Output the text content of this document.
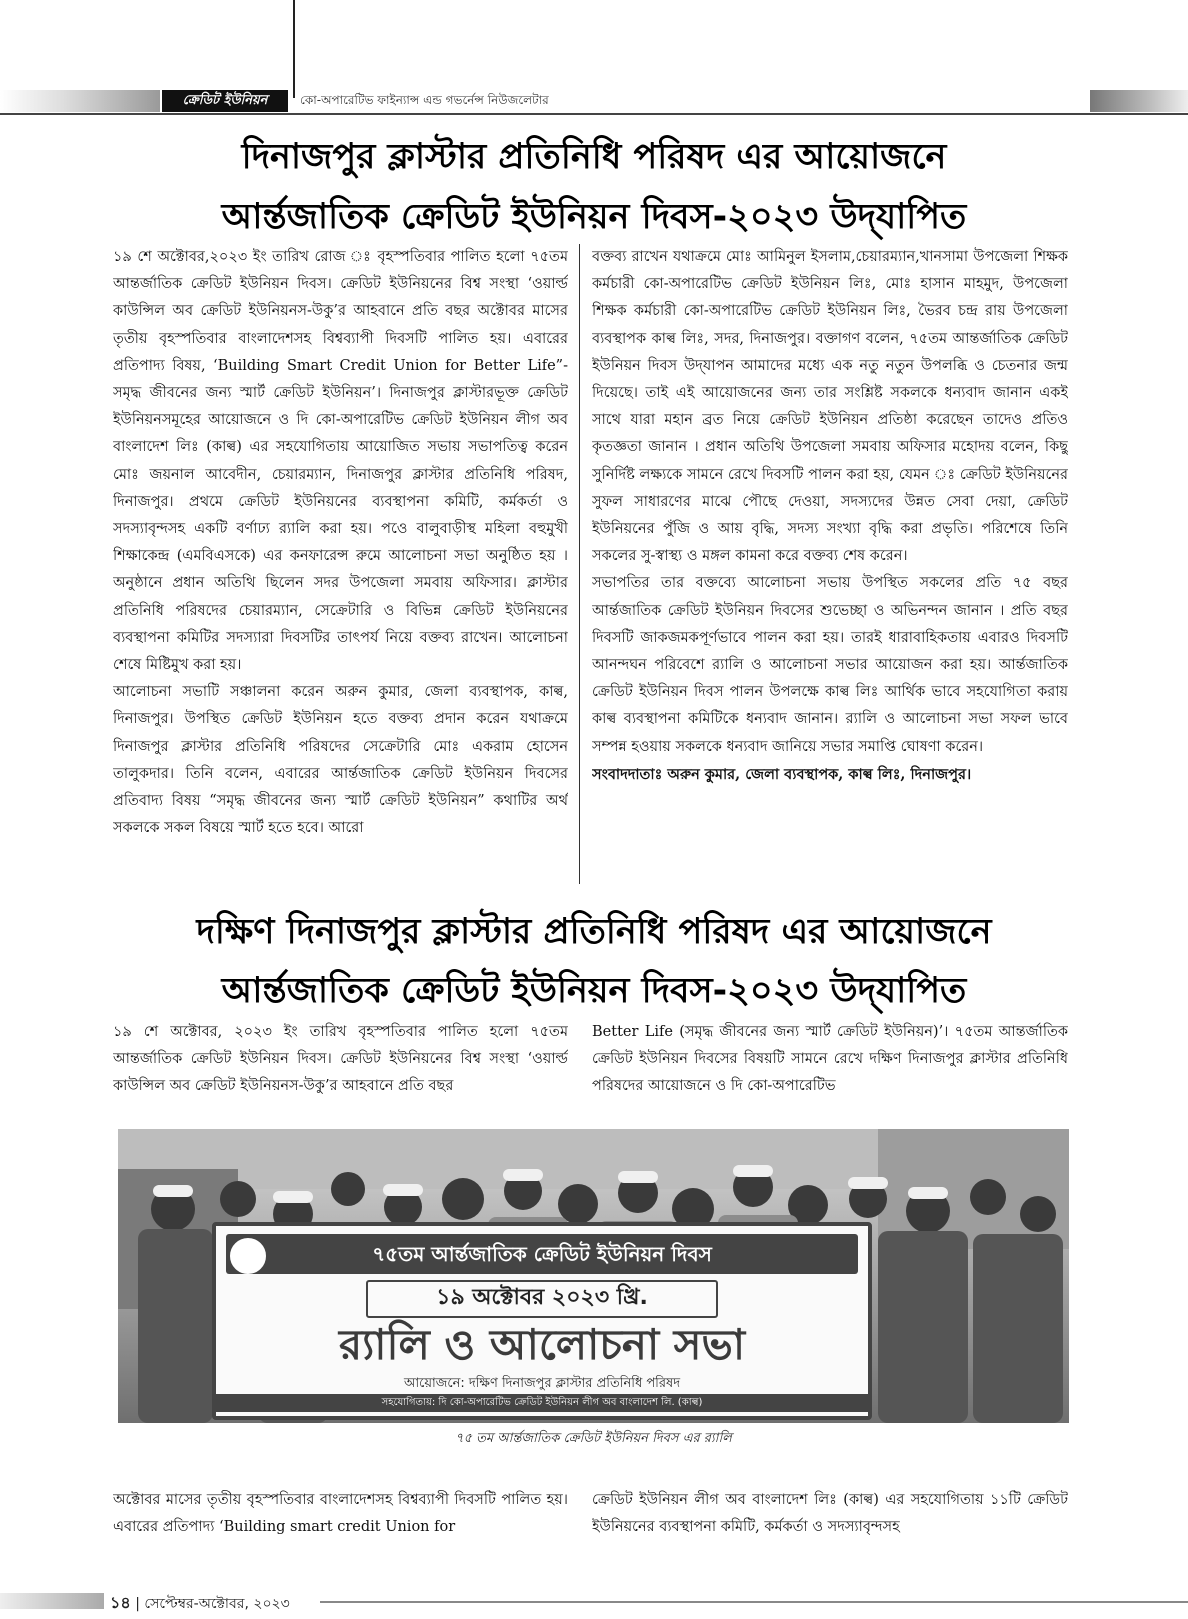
ক্রেডিট ইউনিয়ন	কো-অপারেটিভ ফাইন্যান্স এন্ড গভর্নেন্স নিউজলেটার
দিনাজপুর ক্লাস্টার প্রতিনিধি পরিষদ এর আয়োজনে
আর্ন্তজাতিক ক্রেডিট ইউনিয়ন দিবস-২০২৩ উদ্‌যাপিত

১৯ শে অক্টোবর,২০২৩ ইং তারিখ রোজ ঃ বৃহস্পতিবার পালিত হলো ৭৫তম আন্তর্জাতিক ক্রেডিট ইউনিয়ন দিবস। ক্রেডিট ইউনিয়নের বিশ্ব সংস্থা ‘ওয়ার্ল্ড কাউন্সিল অব ক্রেডিট ইউনিয়নস-উকু’র আহবানে প্রতি বছর অক্টোবর মাসের তৃতীয় বৃহস্পতিবার বাংলাদেশসহ বিশ্বব্যাপী দিবসটি পালিত হয়। এবারের প্রতিপাদ্য বিষয়, ‘Building Smart Credit Union for Better Life”- সমৃদ্ধ জীবনের জন্য স্মার্ট ক্রেডিট ইউনিয়ন’। দিনাজপুর ক্লাস্টারভূক্ত ক্রেডিট ইউনিয়নসমূহের আয়োজনে ও দি কো-অপারেটিভ ক্রেডিট ইউনিয়ন লীগ অব বাংলাদেশ লিঃ (কাল্ব) এর সহযোগিতায় আয়োজিত সভায় সভাপতিত্ব করেন মোঃ জয়নাল আবেদীন, চেয়ারম্যান, দিনাজপুর ক্লাস্টার প্রতিনিধি পরিষদ, দিনাজপুর। প্রথমে ক্রেডিট ইউনিয়নের ব্যবস্থাপনা কমিটি, কর্মকর্তা ও সদস্যাবৃন্দসহ একটি বর্ণাঢ্য র‍্যালি করা হয়। পওে বালুবাড়ীস্থ মহিলা বহুমুখী শিক্ষাকেন্দ্র (এমবিএসকে) এর কনফারেন্স রুমে আলোচনা সভা অনুষ্ঠিত হয় । অনুষ্ঠানে প্রধান অতিথি ছিলেন সদর উপজেলা সমবায় অফিসার। ক্লাস্টার প্রতিনিধি পরিষদের চেয়ারম্যান, সেক্রেটারি ও বিভিন্ন ক্রেডিট ইউনিয়নের ব্যবস্থাপনা কমিটির সদস্যারা দিবসটির তাৎপর্য নিয়ে বক্তব্য রাখেন। আলোচনা শেষে মিষ্টিমুখ করা হয়।

আলোচনা সভাটি সঞ্চালনা করেন অরুন কুমার, জেলা ব্যবস্থাপক, কাল্ব, দিনাজপুর। উপস্থিত ক্রেডিট ইউনিয়ন হতে বক্তব্য প্রদান করেন যথাক্রমে দিনাজপুর ক্লাস্টার প্রতিনিধি পরিষদের সেক্রেটারি মোঃ একরাম হোসেন তালুকদার। তিনি বলেন, এবারের আর্ন্তজাতিক ক্রেডিট ইউনিয়ন দিবসের প্রতিবাদ্য বিষয় “সমৃদ্ধ জীবনের জন্য স্মার্ট ক্রেডিট ইউনিয়ন” কথাটির অর্থ সকলকে সকল বিষয়ে স্মার্ট হতে হবে। আরো

বক্তব্য রাখেন যথাক্রমে মোঃ আমিনুল ইসলাম,চেয়ারম্যান,খানসামা উপজেলা শিক্ষক কর্মচারী কো-অপারেটিভ ক্রেডিট ইউনিয়ন লিঃ, মোঃ হাসান মাহমুদ, উপজেলা শিক্ষক কর্মচারী কো-অপারেটিভ ক্রেডিট ইউনিয়ন লিঃ, ভৈরব চন্দ্র রায় উপজেলা ব্যবস্থাপক কাল্ব লিঃ, সদর, দিনাজপুর। বক্তাগণ বলেন, ৭৫তম আন্তর্জাতিক ক্রেডিট ইউনিয়ন দিবস উদ্‌যাপন আমাদের মধ্যে এক নতু নতুন উপলব্ধি ও চেতনার জন্ম দিয়েছে। তাই এই আয়োজনের জন্য তার সংশ্লিষ্ট সকলকে ধন্যবাদ জানান একই সাথে যারা মহান ব্রত নিয়ে ক্রেডিট ইউনিয়ন প্রতিষ্ঠা করেছেন তাদেও প্রতিও কৃতজ্ঞতা জানান । প্রধান অতিথি উপজেলা সমবায় অফিসার মহোদয় বলেন, কিছু সুনির্দিষ্ট লক্ষ্যকে সামনে রেখে দিবসটি পালন করা হয়, যেমন ঃ ক্রেডিট ইউনিয়নের সুফল সাধারণের মাঝে পৌছে দেওয়া, সদস্যদের উন্নত সেবা দেয়া, ক্রেডিট ইউনিয়নের পুঁজি ও আয় বৃদ্ধি, সদস্য সংখ্যা বৃদ্ধি করা প্রভৃতি। পরিশেষে তিনি সকলের সু-স্বাস্থ্য ও মঙ্গল কামনা করে বক্তব্য শেষ করেন।

সভাপতির তার বক্তব্যে আলোচনা সভায় উপস্থিত সকলের প্রতি ৭৫ বছর আর্ন্তজাতিক ক্রেডিট ইউনিয়ন দিবসের শুভেচ্ছা ও অভিনন্দন জানান । প্রতি বছর দিবসটি জাকজমকপূর্ণভাবে পালন করা হয়। তারই ধারাবাহিকতায় এবারও দিবসটি আনন্দঘন পরিবেশে র‍্যালি ও আলোচনা সভার আয়োজন করা হয়। আর্ন্তজাতিক ক্রেডিট ইউনিয়ন দিবস পালন উপলক্ষে কাল্ব লিঃ আর্থিক ভাবে সহযোগিতা করায় কাল্ব ব্যবস্থাপনা কমিটিকে ধন্যবাদ জানান। র‍্যালি ও আলোচনা সভা সফল ভাবে সম্পন্ন হওয়ায় সকলকে ধন্যবাদ জানিয়ে সভার সমাপ্তি ঘোষণা করেন।

সংবাদদাতাঃ অরুন কুমার, জেলা ব্যবস্থাপক, কাল্ব লিঃ, দিনাজপুর।

দক্ষিণ দিনাজপুর ক্লাস্টার প্রতিনিধি পরিষদ এর আয়োজনে
আর্ন্তজাতিক ক্রেডিট ইউনিয়ন দিবস-২০২৩ উদ্‌যাপিত

১৯ শে অক্টোবর, ২০২৩ ইং তারিখ বৃহস্পতিবার পালিত হলো ৭৫তম আন্তর্জাতিক ক্রেডিট ইউনিয়ন দিবস। ক্রেডিট ইউনিয়নের বিশ্ব সংস্থা ‘ওয়ার্ল্ড কাউন্সিল অব ক্রেডিট ইউনিয়নস-উকু’র আহবানে প্রতি বছর

Better Life (সমৃদ্ধ জীবনের জন্য স্মার্ট ক্রেডিট ইউনিয়ন)’। ৭৫তম আন্তর্জাতিক ক্রেডিট ইউনিয়ন দিবসের বিষয়টি সামনে রেখে দক্ষিণ দিনাজপুর ক্লাস্টার প্রতিনিধি পরিষদের আয়োজনে ও দি কো-অপারেটিভ

৭৫তম আর্ন্তজাতিক ক্রেডিট ইউনিয়ন দিবস
১৯ অক্টোবর ২০২৩ খ্রি.
র‍্যালি ও আলোচনা সভা
আয়োজনে: দক্ষিণ দিনাজপুর ক্লাস্টার প্রতিনিধি পরিষদ
সহযোগিতায়: দি কো-অপারেটিভ ক্রেডিট ইউনিয়ন লীগ অব বাংলাদেশ লি. (কাল্ব)
৭৫ তম আর্ন্তজাতিক ক্রেডিট ইউনিয়ন দিবস এর র‍্যালি

অক্টোবর মাসের তৃতীয় বৃহস্পতিবার বাংলাদেশসহ বিশ্বব্যাপী দিবসটি পালিত হয়। এবারের প্রতিপাদ্য ‘Building smart credit Union for

ক্রেডিট ইউনিয়ন লীগ অব বাংলাদেশ লিঃ (কাল্ব) এর সহযোগিতায় ১১টি ক্রেডিট ইউনিয়নের ব্যবস্থাপনা কমিটি, কর্মকর্তা ও সদস্যাবৃন্দসহ

১৪ | সেপ্টেম্বর-অক্টোবর, ২০২৩
